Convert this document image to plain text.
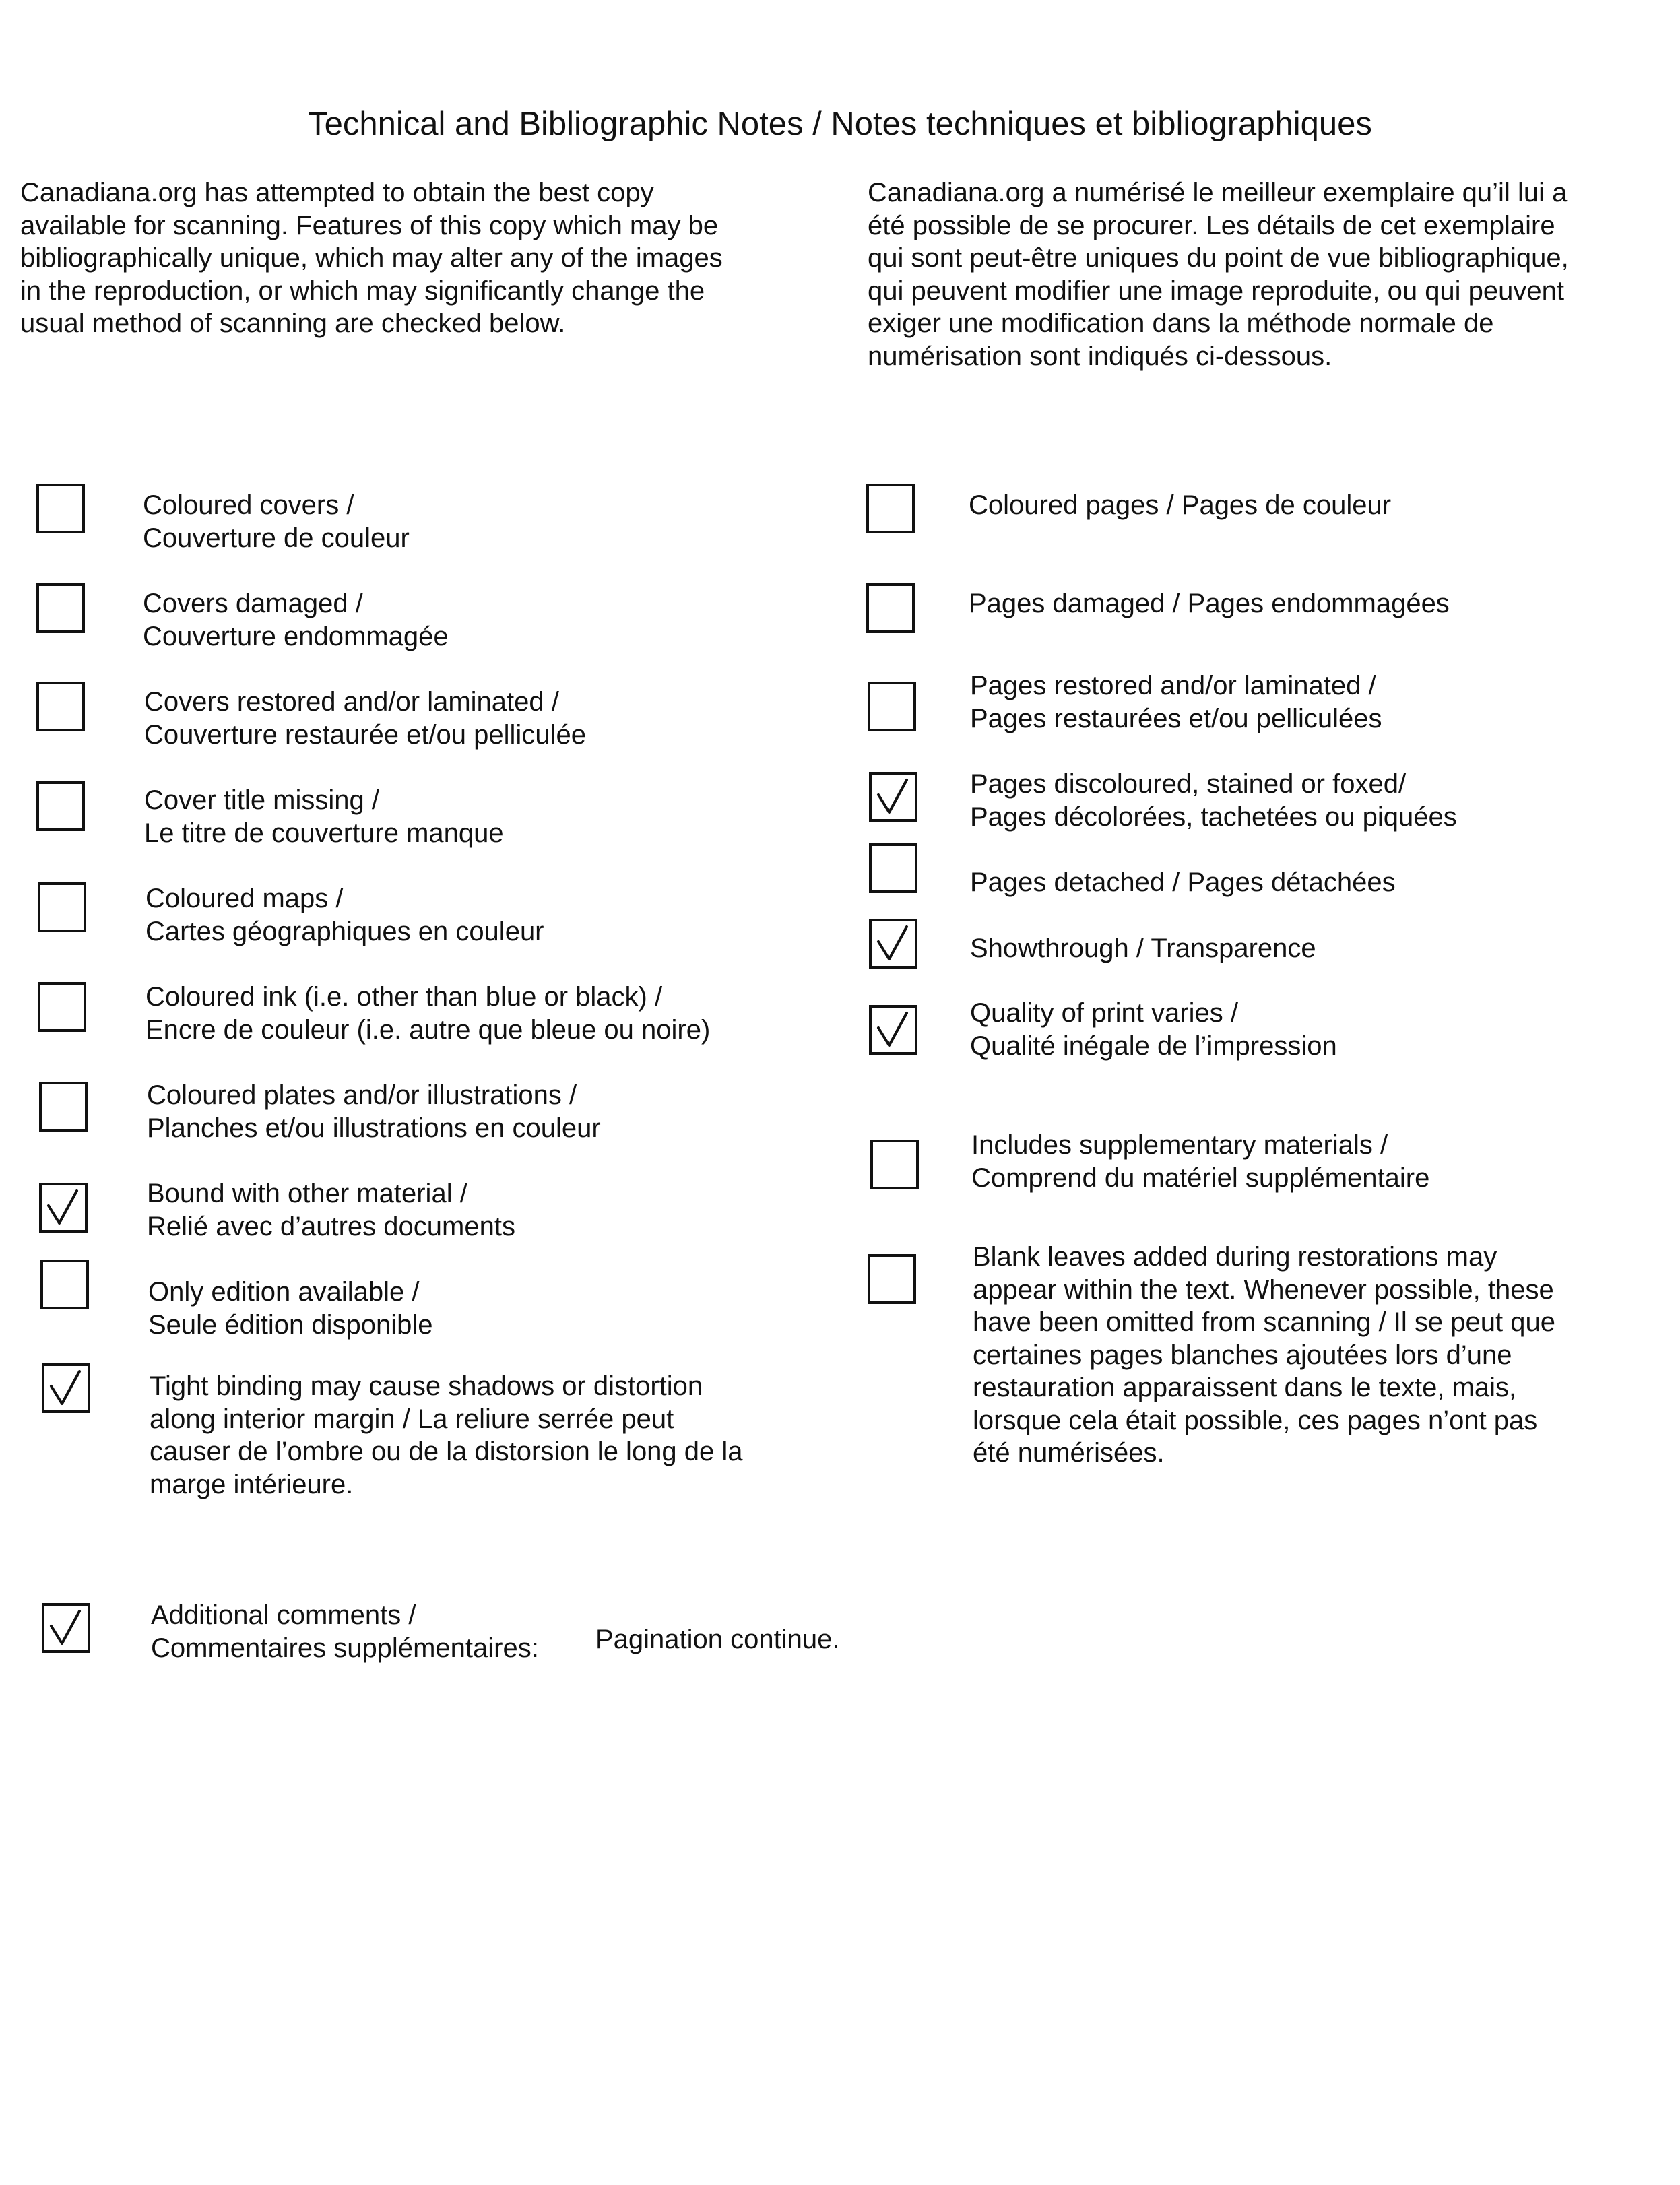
Technical and Bibliographic Notes / Notes techniques et bibliographiques
Canadiana.org has attempted to obtain the best copy
available for scanning. Features of this copy which may be
bibliographically unique, which may alter any of the images
in the reproduction, or which may significantly change the
usual method of scanning are checked below.
Canadiana.org a numérisé le meilleur exemplaire qu’il lui a
été possible de se procurer. Les détails de cet exemplaire
qui sont peut-être uniques du point de vue bibliographique,
qui peuvent modifier une image reproduite, ou qui peuvent
exiger une modification dans la méthode normale de
numérisation sont indiqués ci-dessous.
Coloured covers /
Couverture de couleur
Covers damaged /
Couverture endommagée
Covers restored and/or laminated /
Couverture restaurée et/ou pelliculée
Cover title missing /
Le titre de couverture manque
Coloured maps /
Cartes géographiques en couleur
Coloured ink (i.e. other than blue or black) /
Encre de couleur (i.e. autre que bleue ou noire)
Coloured plates and/or illustrations /
Planches et/ou illustrations en couleur
Bound with other material /
Relié avec d’autres documents
Only edition available /
Seule édition disponible
Tight binding may cause shadows or distortion
along interior margin / La reliure serrée peut
causer de l’ombre ou de la distorsion le long de la
marge intérieure.
Coloured pages / Pages de couleur
Pages damaged / Pages endommagées
Pages restored and/or laminated /
Pages restaurées et/ou pelliculées
Pages discoloured, stained or foxed/
Pages décolorées, tachetées ou piquées
Pages detached / Pages détachées
Showthrough / Transparence
Quality of print varies /
Qualité inégale de l’impression
Includes supplementary materials /
Comprend du matériel supplémentaire
Blank leaves added during restorations may
appear within the text. Whenever possible, these
have been omitted from scanning / Il se peut que
certaines pages blanches ajoutées lors d’une
restauration apparaissent dans le texte, mais,
lorsque cela était possible, ces pages n’ont pas
été numérisées.
Additional comments /
Commentaires supplémentaires: Pagination continue.
